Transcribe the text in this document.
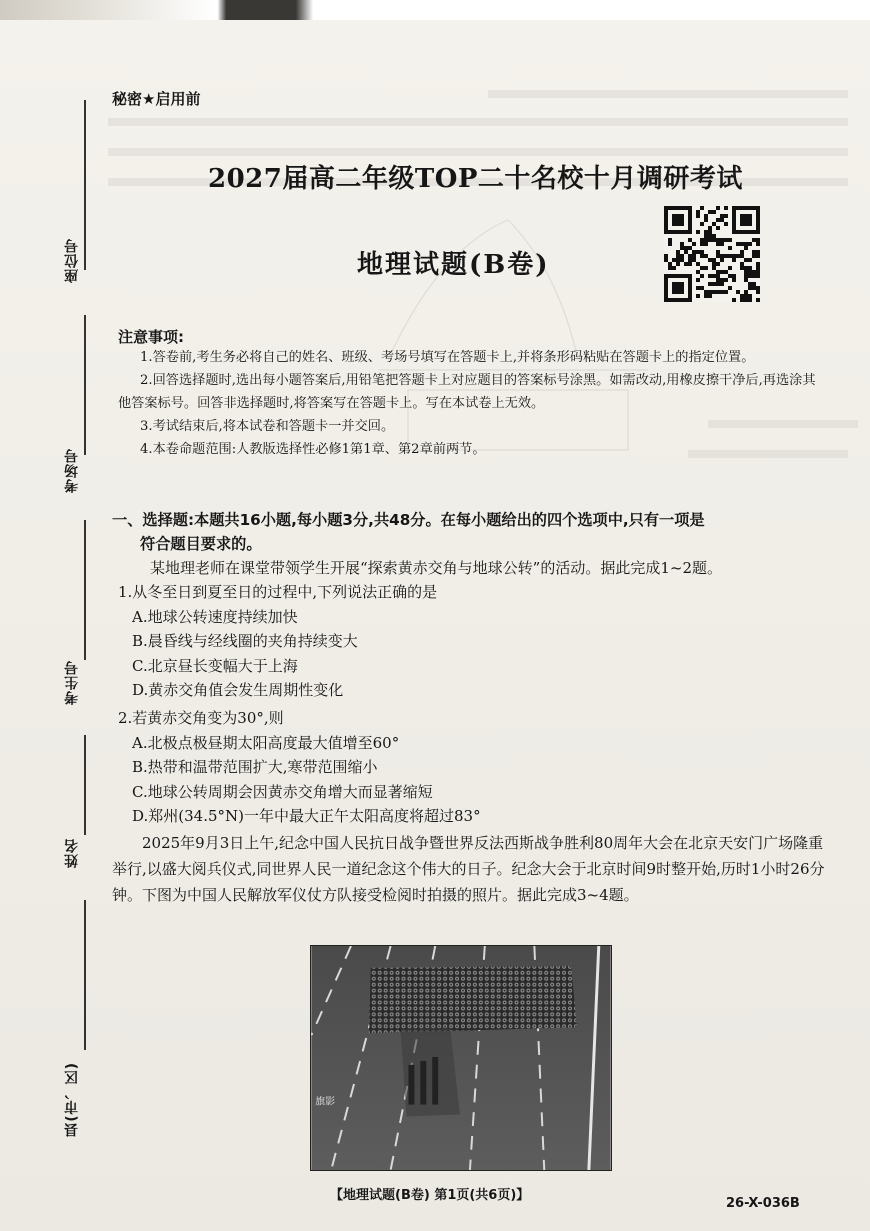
座位号
考场号
考生号
姓名
县(市、区)
秘密★启用前
2027届高二年级TOP二十名校十月调研考试
地理试题(B卷)
注意事项:

1.答卷前,考生务必将自己的姓名、班级、考场号填写在答题卡上,并将条形码粘贴在答题卡上的指定位置。

2.回答选择题时,选出每小题答案后,用铅笔把答题卡上对应题目的答案标号涂黑。如需改动,用橡皮擦干净后,再选涂其他答案标号。回答非选择题时,将答案写在答题卡上。写在本试卷上无效。

3.考试结束后,将本试卷和答题卡一并交回。

4.本卷命题范围:人教版选择性必修1第1章、第2章前两节。

一、选择题:本题共16小题,每小题3分,共48分。在每小题给出的四个选项中,只有一项是
符合题目要求的。
某地理老师在课堂带领学生开展“探索黄赤交角与地球公转”的活动。据此完成1~2题。
1.从冬至日到夏至日的过程中,下列说法正确的是
A.地球公转速度持续加快
B.晨昏线与经线圈的夹角持续变大
C.北京昼长变幅大于上海
D.黄赤交角值会发生周期性变化
2.若黄赤交角变为30°,则
A.北极点极昼期太阳高度最大值增至60°
B.热带和温带范围扩大,寒带范围缩小
C.地球公转周期会因黄赤交角增大而显著缩短
D.郑州(34.5°N)一年中最大正午太阳高度将超过83°
2025年9月3日上午,纪念中国人民抗日战争暨世界反法西斯战争胜利80周年大会在北京天安门广场隆重举行,以盛大阅兵仪式,同世界人民一道纪念这个伟大的日子。纪念大会于北京时间9时整开始,历时1小时26分钟。下图为中国人民解放军仪仗方队接受检阅时拍摄的照片。据此完成3~4题。
旗影
【地理试题(B卷) 第1页(共6页)】
26-X-036B
